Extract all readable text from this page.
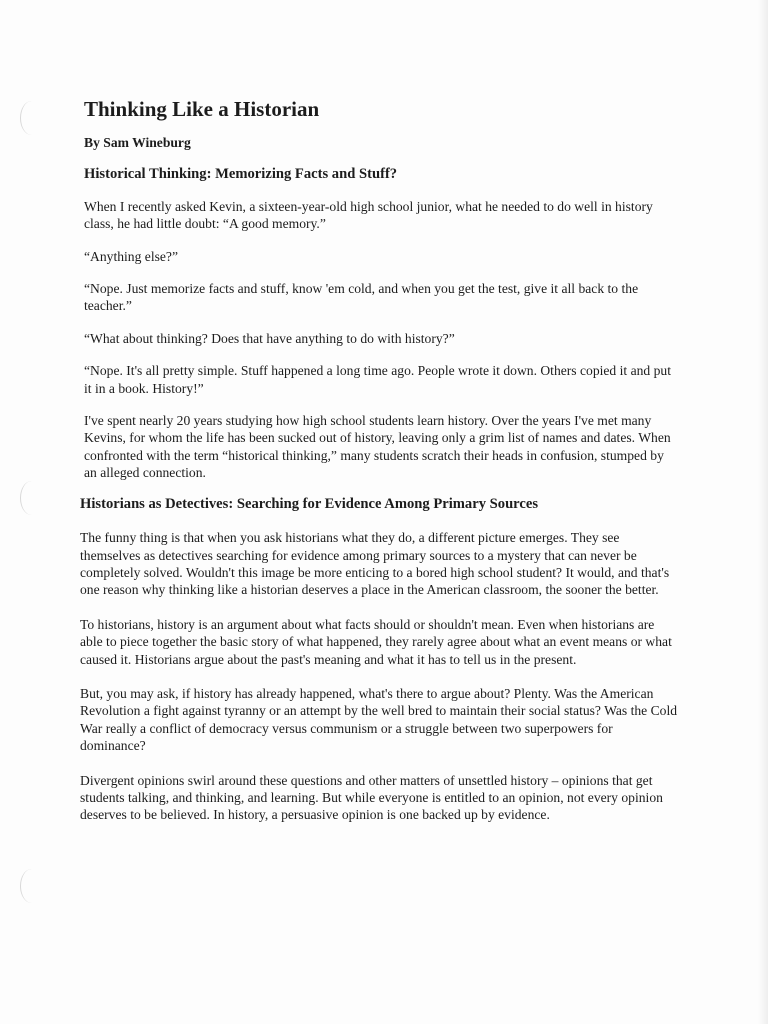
Thinking Like a Historian
By Sam Wineburg
Historical Thinking: Memorizing Facts and Stuff?

When I recently asked Kevin, a sixteen-year-old high school junior, what he needed to do well in history class, he had little doubt: “A good memory.”

“Anything else?”

“Nope. Just memorize facts and stuff, know 'em cold, and when you get the test, give it all back to the teacher.”

“What about thinking? Does that have anything to do with history?”

“Nope. It's all pretty simple. Stuff happened a long time ago. People wrote it down. Others copied it and put it in a book. History!”

I've spent nearly 20 years studying how high school students learn history. Over the years I've met many Kevins, for whom the life has been sucked out of history, leaving only a grim list of names and dates. When confronted with the term “historical thinking,” many students scratch their heads in confusion, stumped by an alleged connection.

Historians as Detectives: Searching for Evidence Among Primary Sources

The funny thing is that when you ask historians what they do, a different picture emerges. They see themselves as detectives searching for evidence among primary sources to a mystery that can never be completely solved. Wouldn't this image be more enticing to a bored high school student? It would, and that's one reason why thinking like a historian deserves a place in the American classroom, the sooner the better.

To historians, history is an argument about what facts should or shouldn't mean. Even when historians are able to piece together the basic story of what happened, they rarely agree about what an event means or what caused it. Historians argue about the past's meaning and what it has to tell us in the present.

But, you may ask, if history has already happened, what's there to argue about? Plenty. Was the American Revolution a fight against tyranny or an attempt by the well bred to maintain their social status? Was the Cold War really a conflict of democracy versus communism or a struggle between two superpowers for dominance?

Divergent opinions swirl around these questions and other matters of unsettled history – opinions that get students talking, and thinking, and learning. But while everyone is entitled to an opinion, not every opinion deserves to be believed. In history, a persuasive opinion is one backed up by evidence.
